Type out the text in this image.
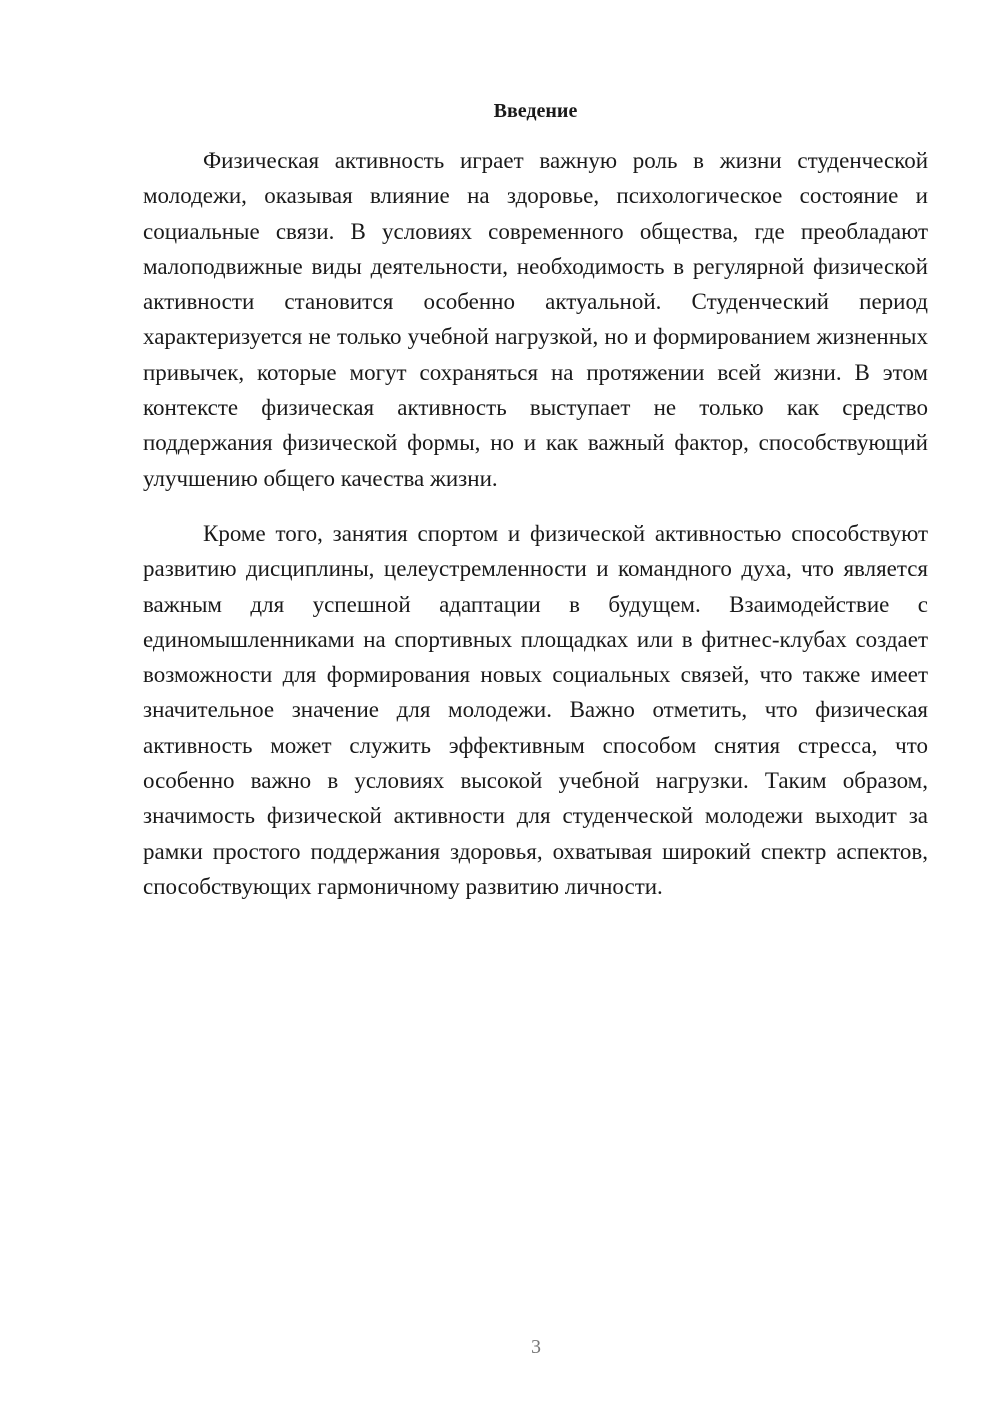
Введение

Физическая активность играет важную роль в жизни студенческой молодежи, оказывая влияние на здоровье, психологическое состояние и социальные связи. В условиях современного общества, где преобладают малоподвижные виды деятельности, необходимость в регулярной физической активности становится особенно актуальной. Студенческий период характеризуется не только учебной нагрузкой, но и формированием жизненных привычек, которые могут сохраняться на протяжении всей жизни. В этом контексте физическая активность выступает не только как средство поддержания физической формы, но и как важный фактор, способствующий улучшению общего качества жизни.

Кроме того, занятия спортом и физической активностью способствуют развитию дисциплины, целеустремленности и командного духа, что является важным для успешной адаптации в будущем. Взаимодействие с единомышленниками на спортивных площадках или в фитнес-клубах создает возможности для формирования новых социальных связей, что также имеет значительное значение для молодежи. Важно отметить, что физическая активность может служить эффективным способом снятия стресса, что особенно важно в условиях высокой учебной нагрузки. Таким образом, значимость физической активности для студенческой молодежи выходит за рамки простого поддержания здоровья, охватывая широкий спектр аспектов, способствующих гармоничному развитию личности.

3
